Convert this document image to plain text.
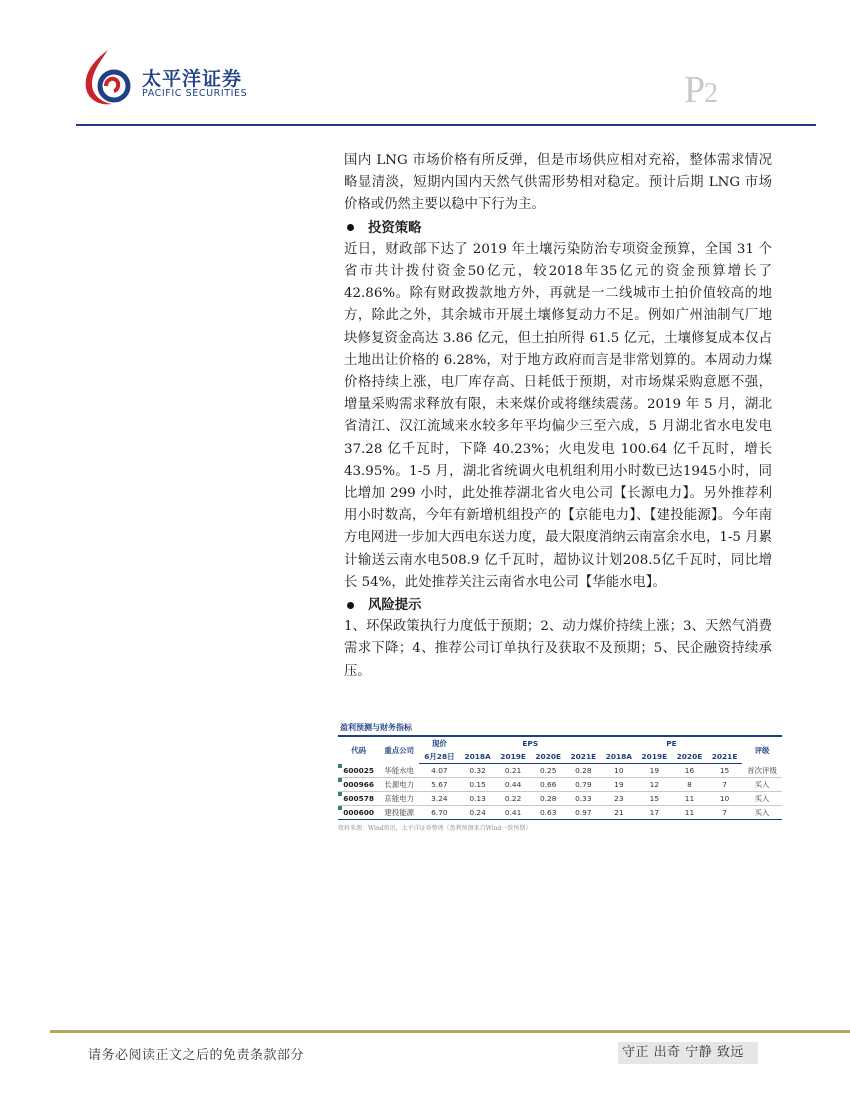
太平洋证券
PACIFIC SECURITIES	P2

国内 LNG 市场价格有所反弹，但是市场供应相对充裕，整体需求情况略显清淡，短期内国内天然气供需形势相对稳定。预计后期 LNG 市场价格或仍然主要以稳中下行为主。

投资策略

近日，财政部下达了 2019 年土壤污染防治专项资金预算，全国 31 个省市共计拨付资金50亿元，较2018年35亿元的资金预算增长了42.86%。除有财政拨款地方外，再就是一二线城市土拍价值较高的地方，除此之外，其余城市开展土壤修复动力不足。例如广州油制气厂地块修复资金高达 3.86 亿元，但土拍所得 61.5 亿元，土壤修复成本仅占土地出让价格的 6.28%，对于地方政府而言是非常划算的。本周动力煤价格持续上涨，电厂库存高、日耗低于预期，对市场煤采购意愿不强，增量采购需求释放有限，未来煤价或将继续震荡。2019 年 5 月，湖北省清江、汉江流域来水较多年平均偏少三至六成，5 月湖北省水电发电 37.28 亿千瓦时，下降 40.23%；火电发电 100.64 亿千瓦时，增长 43.95%。1-5 月，湖北省统调火电机组利用小时数已达1945小时，同比增加 299 小时，此处推荐湖北省火电公司【长源电力】。另外推荐利用小时数高，今年有新增机组投产的【京能电力】、【建投能源】。今年南方电网进一步加大西电东送力度，最大限度消纳云南富余水电，1-5 月累计输送云南水电508.9 亿千瓦时，超协议计划208.5亿千瓦时，同比增长 54%，此处推荐关注云南省水电公司【华能水电】。

风险提示

1、环保政策执行力度低于预期；2、动力煤价持续上涨；3、天然气消费需求下降；4、推荐公司订单执行及获取不及预期；5、民企融资持续承压。

盈利预测与财务指标
代码	重点公司	现价	EPS				PE				评级
		6月28日	2018A	2019E	2020E	2021E	2018A	2019E	2020E	2021E	

600025	华能水电	4.07	0.32	0.21	0.25	0.28	10	19	16	15	首次评级

000966	长源电力	5.67	0.15	0.44	0.66	0.79	19	12	8	7	买入

600578	京能电力	3.24	0.13	0.22	0.28	0.33	23	15	11	10	买入

000600	建投能源	6.70	0.24	0.41	0.63	0.97	21	17	11	7	买入
资料来源：Wind资讯，太平洋证券整理（盈利预测来自Wind一致预期）
请务必阅读正文之后的免责条款部分	守正 出奇 宁静 致远
